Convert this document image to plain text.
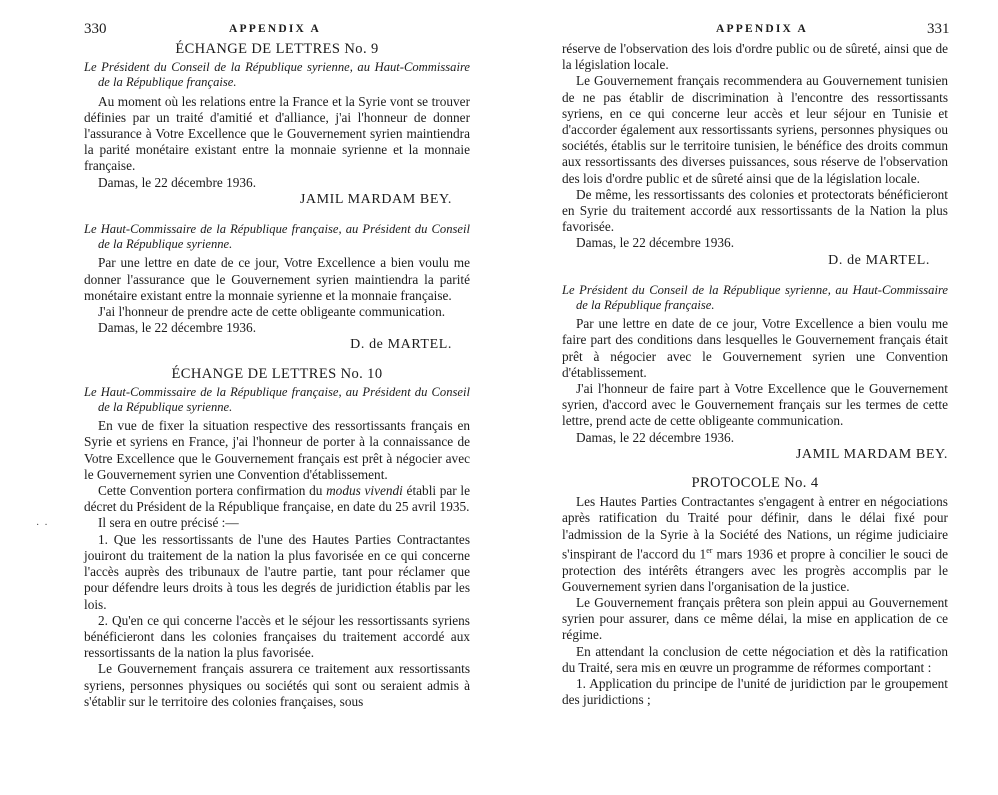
330	APPENDIX A
ÉCHANGE DE LETTRES No. 9

Le Président du Conseil de la République syrienne, au Haut-Commissaire de la République française.

Au moment où les relations entre la France et la Syrie vont se trouver définies par un traité d'amitié et d'alliance, j'ai l'honneur de donner l'assurance à Votre Excellence que le Gouvernement syrien maintiendra la parité monétaire existant entre la monnaie syrienne et la monnaie française.

Damas, le 22 décembre 1936.

JAMIL MARDAM BEY.

Le Haut-Commissaire de la République française, au Président du Conseil de la République syrienne.

Par une lettre en date de ce jour, Votre Excellence a bien voulu me donner l'assurance que le Gouvernement syrien maintiendra la parité monétaire existant entre la monnaie syrienne et la monnaie française.

J'ai l'honneur de prendre acte de cette obligeante communication.

Damas, le 22 décembre 1936.

D. de MARTEL.
ÉCHANGE DE LETTRES No. 10

Le Haut-Commissaire de la République française, au Président du Conseil de la République syrienne.

En vue de fixer la situation respective des ressortissants français en Syrie et syriens en France, j'ai l'honneur de porter à la connaissance de Votre Excellence que le Gouvernement français est prêt à négocier avec le Gouvernement syrien une Convention d'établissement.

Cette Convention portera confirmation du modus vivendi établi par le décret du Président de la République française, en date du 25 avril 1935.

Il sera en outre précisé :—

1. Que les ressortissants de l'une des Hautes Parties Contractantes jouiront du traitement de la nation la plus favorisée en ce qui concerne l'accès auprès des tribunaux de l'autre partie, tant pour réclamer que pour défendre leurs droits à tous les degrés de juridiction établis par les lois.

2. Qu'en ce qui concerne l'accès et le séjour les ressortissants syriens bénéficieront dans les colonies françaises du traitement accordé aux ressortissants de la nation la plus favorisée.

Le Gouvernement français assurera ce traitement aux ressortissants syriens, personnes physiques ou sociétés qui sont ou seraient admis à s'établir sur le territoire des colonies françaises, sous

·  ·
APPENDIX A	331

réserve de l'observation des lois d'ordre public ou de sûreté, ainsi que de la législation locale.

Le Gouvernement français recommendera au Gouvernement tunisien de ne pas établir de discrimination à l'encontre des ressortissants syriens, en ce qui concerne leur accès et leur séjour en Tunisie et d'accorder également aux ressortissants syriens, personnes physiques ou sociétés, établis sur le territoire tunisien, le bénéfice des droits commun aux ressortissants des diverses puissances, sous réserve de l'observation des lois d'ordre public et de sûreté ainsi que de la législation locale.

De même, les ressortissants des colonies et protectorats bénéficieront en Syrie du traitement accordé aux ressortissants de la Nation la plus favorisée.

Damas, le 22 décembre 1936.

D. de MARTEL.

Le Président du Conseil de la République syrienne, au Haut-Commissaire de la République française.

Par une lettre en date de ce jour, Votre Excellence a bien voulu me faire part des conditions dans lesquelles le Gouvernement français était prêt à négocier avec le Gouvernement syrien une Convention d'établissement.

J'ai l'honneur de faire part à Votre Excellence que le Gouvernement syrien, d'accord avec le Gouvernement français sur les termes de cette lettre, prend acte de cette obligeante communication.

Damas, le 22 décembre 1936.

JAMIL MARDAM BEY.
PROTOCOLE No. 4

Les Hautes Parties Contractantes s'engagent à entrer en négociations après ratification du Traité pour définir, dans le délai fixé pour l'admission de la Syrie à la Société des Nations, un régime judiciaire s'inspirant de l'accord du 1er mars 1936 et propre à concilier le souci de protection des intérêts étrangers avec les progrès accomplis par le Gouvernement syrien dans l'organisation de la justice.

Le Gouvernement français prêtera son plein appui au Gouvernement syrien pour assurer, dans ce même délai, la mise en application de ce régime.

En attendant la conclusion de cette négociation et dès la ratification du Traité, sera mis en œuvre un programme de réformes comportant :

1. Application du principe de l'unité de juridiction par le groupement des juridictions ;
